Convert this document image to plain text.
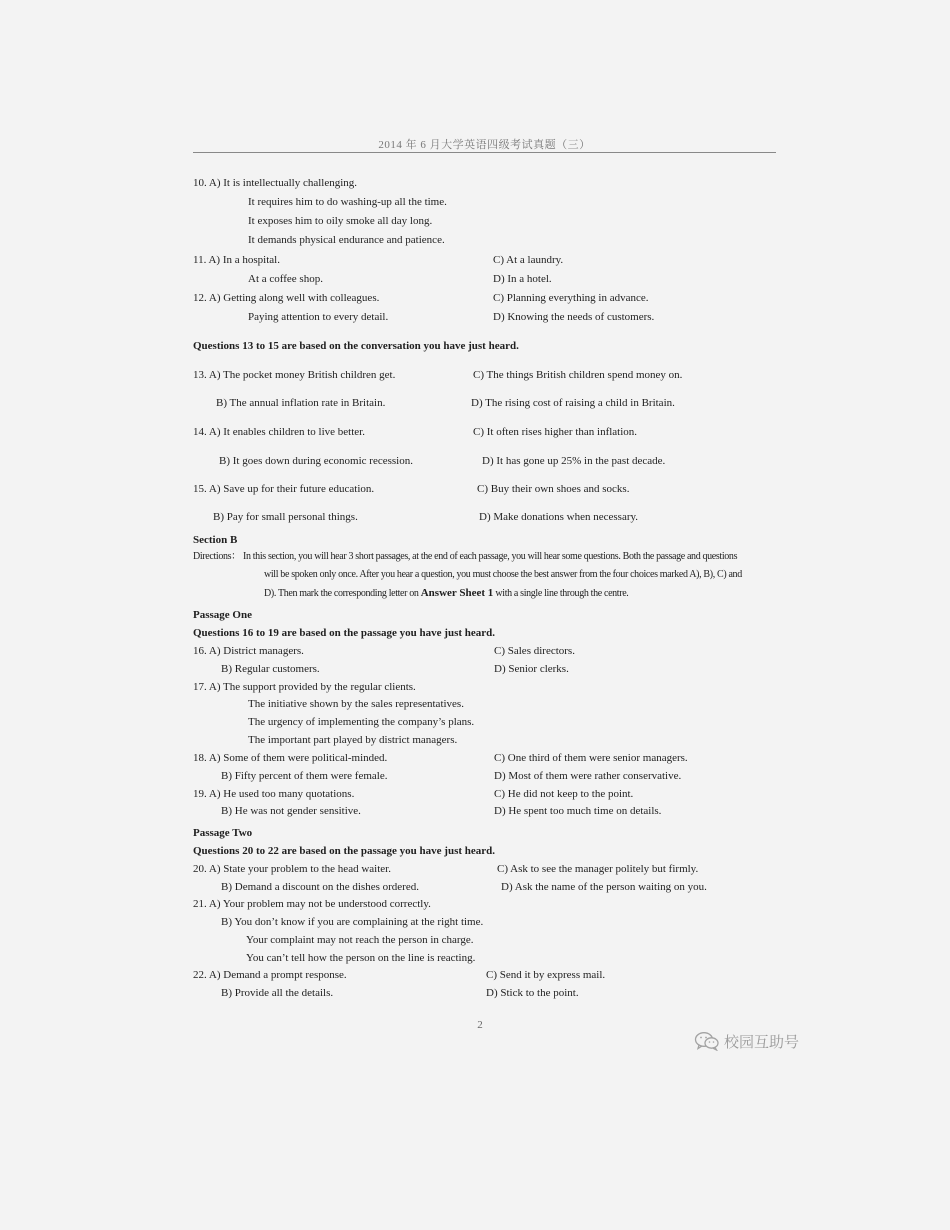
2014 年 6 月大学英语四级考试真题（三）
10. A) It is intellectually challenging.
It requires him to do washing-up all the time.
It exposes him to oily smoke all day long.
It demands physical endurance and patience.
11. A) In a hospital.	C) At a laundry.
At a coffee shop.	D) In a hotel.
12. A) Getting along well with colleagues.	C) Planning everything in advance.
Paying attention to every detail.	D) Knowing the needs of customers.
Questions 13 to 15 are based on the conversation you have just heard.
13. A) The pocket money British children get.	C) The things British children spend money on.
B) The annual inflation rate in Britain.	D) The rising cost of raising a child in Britain.
14. A) It enables children to live better.	C) It often rises higher than inflation.
B) It goes down during economic recession.	D) It has gone up 25% in the past decade.
15. A) Save up for their future education.	C) Buy their own shoes and socks.
B) Pay for small personal things.	D) Make donations when necessary.
Section B
Passage One
Questions 16 to 19 are based on the passage you have just heard.
16. A) District managers.	C) Sales directors.
B) Regular customers.	D) Senior clerks.
17. A) The support provided by the regular clients.
The initiative shown by the sales representatives.
The urgency of implementing the company’s plans.
The important part played by district managers.
18. A) Some of them were political-minded.	C) One third of them were senior managers.
B) Fifty percent of them were female.	D) Most of them were rather conservative.
19. A) He used too many quotations.	C) He did not keep to the point.
B) He was not gender sensitive.	D) He spent too much time on details.
Passage Two
Questions 20 to 22 are based on the passage you have just heard.
20. A) State your problem to the head waiter.	C) Ask to see the manager politely but firmly.
B) Demand a discount on the dishes ordered.	D) Ask the name of the person waiting on you.
21. A) Your problem may not be understood correctly.
B) You don’t know if you are complaining at the right time.
Your complaint may not reach the person in charge.
You can’t tell how the person on the line is reacting.
22. A) Demand a prompt response.	C) Send it by express mail.
B) Provide all the details.	D) Stick to the point.
Directions： In this section, you will hear 3 short passages, at the end of each passage, you will hear some questions. Both the passage and questions
will be spoken only once. After you hear a question, you must choose the best answer from the four choices marked A), B), C) and
D). Then mark the corresponding letter on Answer Sheet 1 with a single line through the centre.
2
校园互助号
